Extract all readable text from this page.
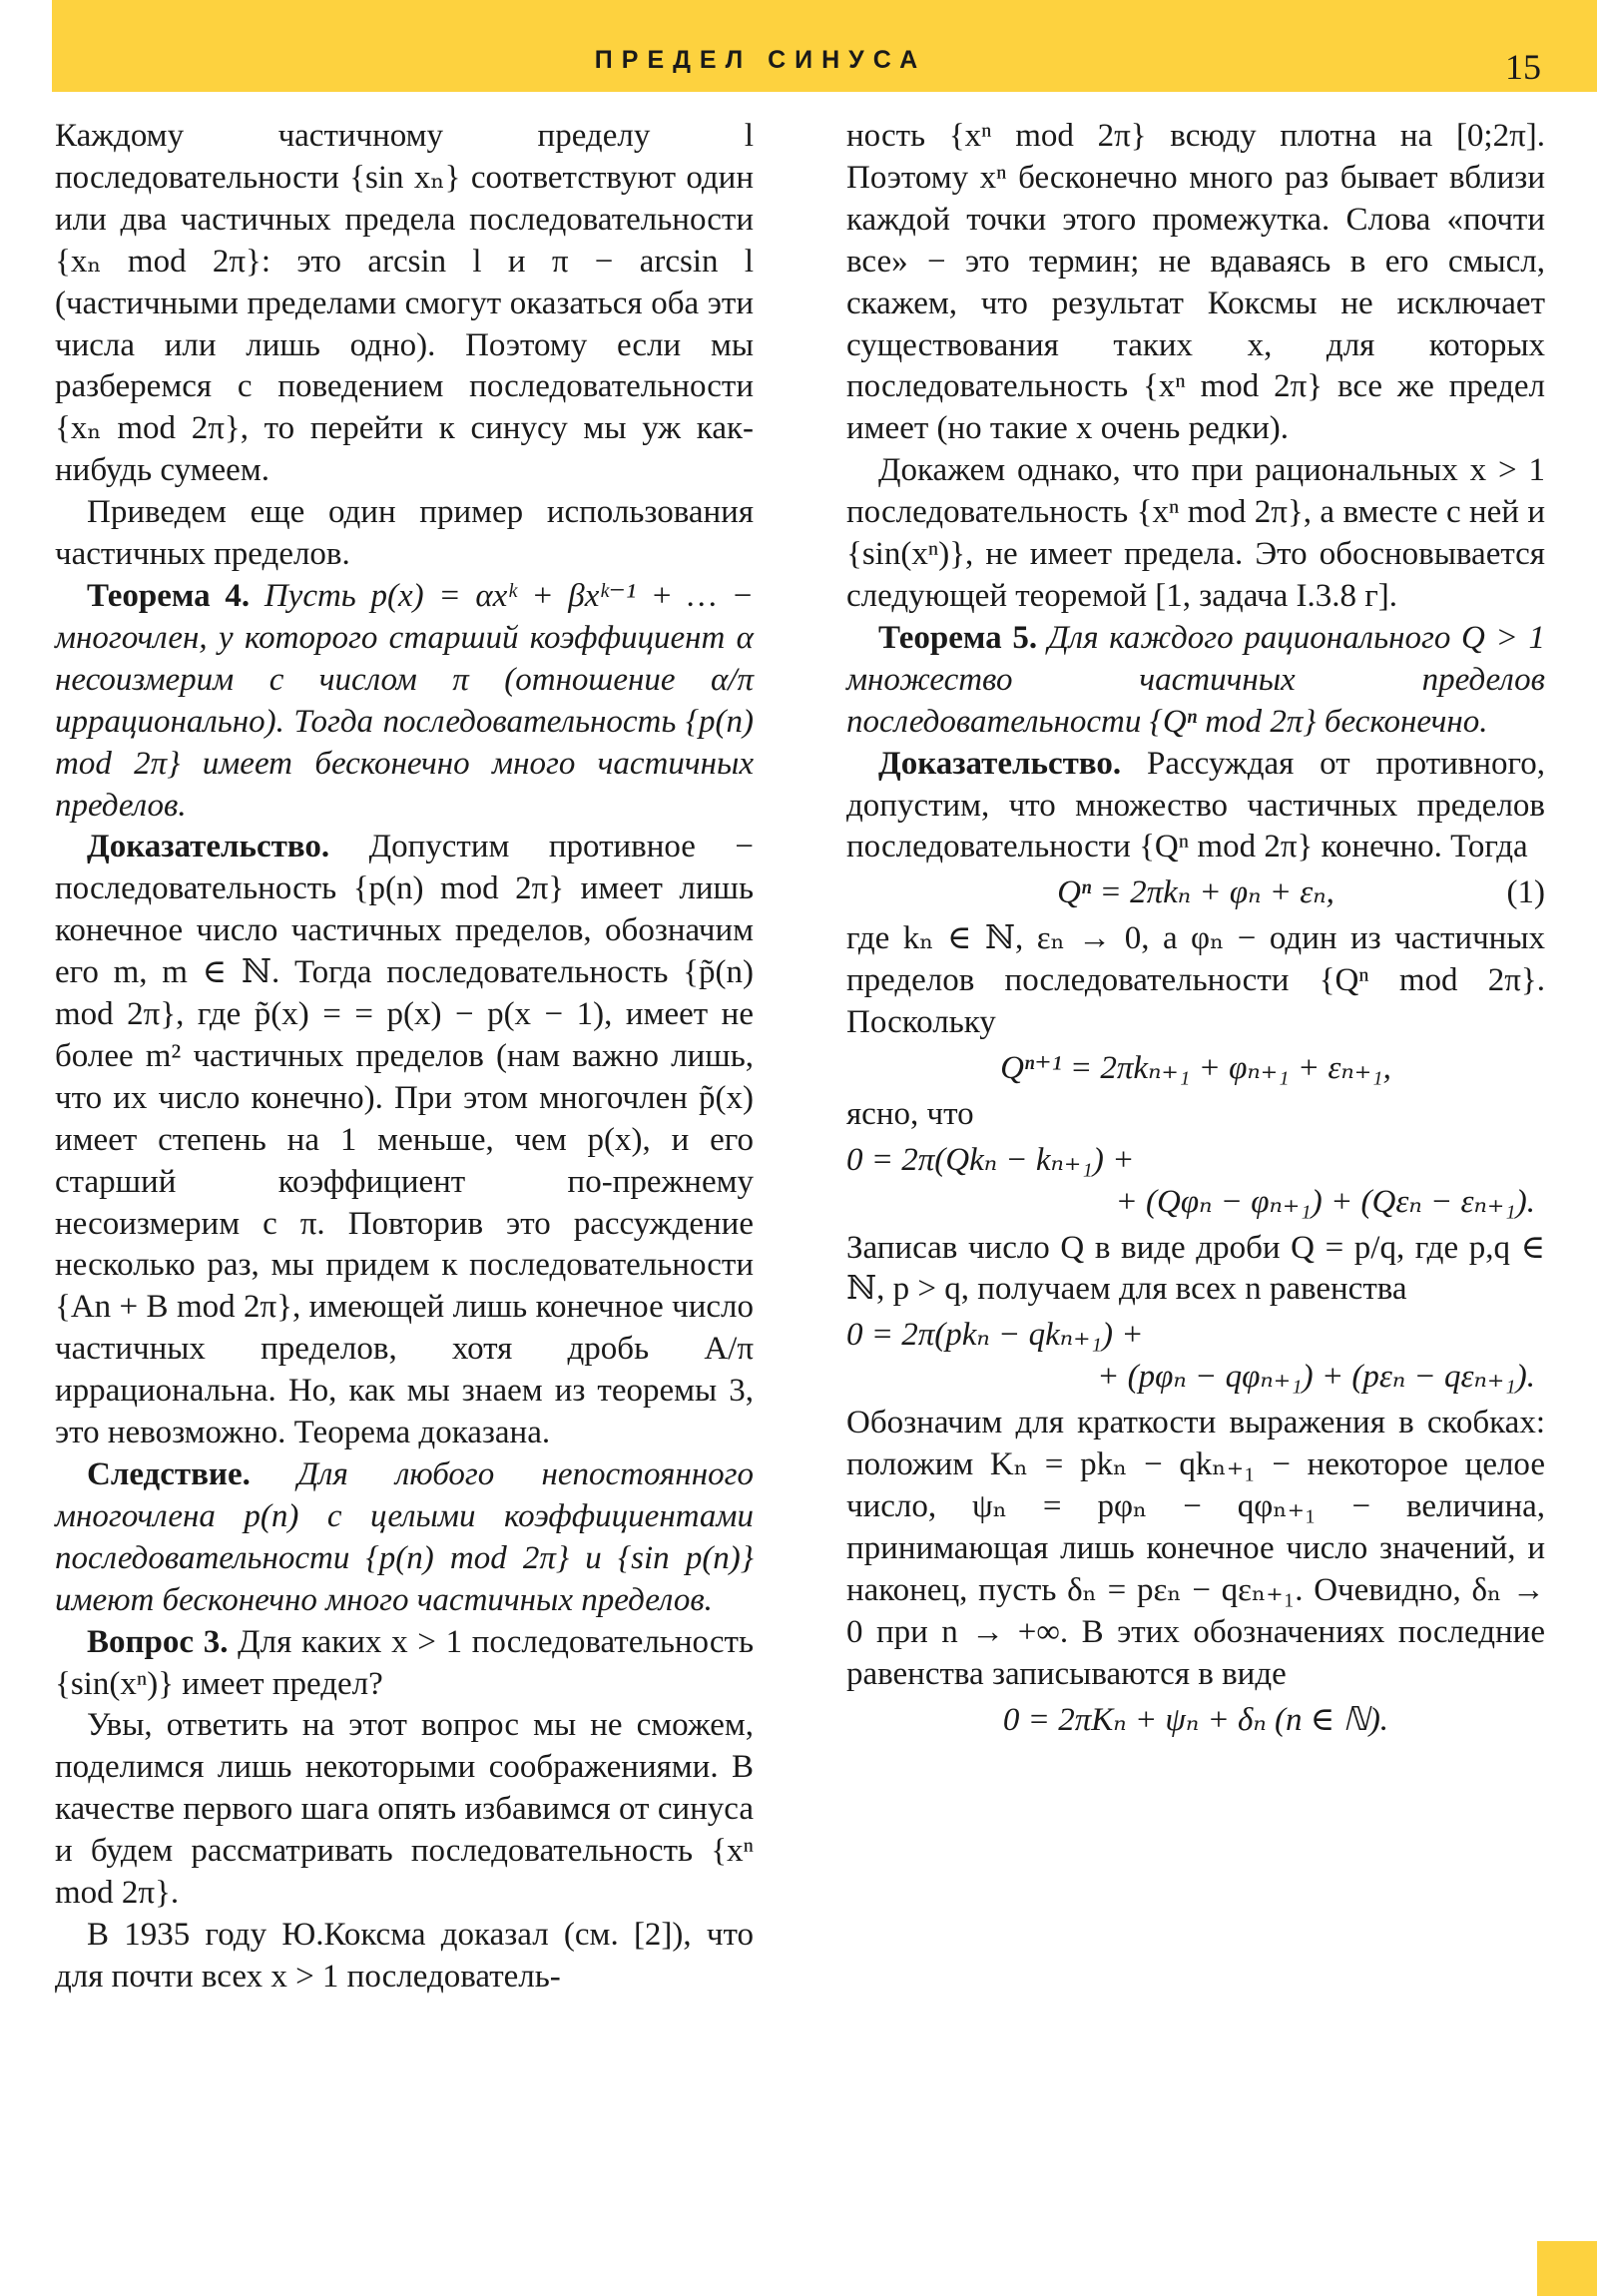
ПРЕДЕЛ СИНУСА	15

Каждому частичному пределу l последовательности {sin xₙ} соответствуют один или два частичных предела последовательности {xₙ mod 2π}: это arcsin l и π − arcsin l (частичными пределами смогут оказаться оба эти числа или лишь одно). Поэтому если мы разберемся с поведением последовательности {xₙ mod 2π}, то перейти к синусу мы уж как-нибудь сумеем.

Приведем еще один пример использования частичных пределов.

Теорема 4. Пусть p(x) = αxᵏ + βxᵏ⁻¹ + … − многочлен, у которого старший коэффициент α несоизмерим с числом π (отношение α/π иррационально). Тогда последовательность {p(n) mod 2π} имеет бесконечно много частичных пределов.

Доказательство. Допустим противное − последовательность {p(n) mod 2π} имеет лишь конечное число частичных пределов, обозначим его m, m ∈ ℕ. Тогда последовательность {p̃(n) mod 2π}, где p̃(x) = = p(x) − p(x − 1), имеет не более m² частичных пределов (нам важно лишь, что их число конечно). При этом многочлен p̃(x) имеет степень на 1 меньше, чем p(x), и его старший коэффициент по-прежнему несоизмерим с π. Повторив это рассуждение несколько раз, мы придем к последовательности {An + B mod 2π}, имеющей лишь конечное число частичных пределов, хотя дробь A/π иррациональна. Но, как мы знаем из теоремы 3, это невозможно. Теорема доказана.

Следствие. Для любого непостоянного многочлена p(n) с целыми коэффициентами последовательности {p(n) mod 2π} и {sin p(n)} имеют бесконечно много частичных пределов.

Вопрос 3. Для каких x > 1 последовательность {sin(xⁿ)} имеет предел?

Увы, ответить на этот вопрос мы не сможем, поделимся лишь некоторыми соображениями. В качестве первого шага опять избавимся от синуса и будем рассматривать последовательность {xⁿ mod 2π}.

В 1935 году Ю.Коксма доказал (см. [2]), что для почти всех x > 1 последователь-

ность {xⁿ mod 2π} всюду плотна на [0;2π]. Поэтому xⁿ бесконечно много раз бывает вблизи каждой точки этого промежутка. Слова «почти все» − это термин; не вдаваясь в его смысл, скажем, что результат Коксмы не исключает существования таких x, для которых последовательность {xⁿ mod 2π} все же предел имеет (но такие x очень редки).

Докажем однако, что при рациональных x > 1 последовательность {xⁿ mod 2π}, а вместе с ней и {sin(xⁿ)}, не имеет предела. Это обосновывается следующей теоремой [1, задача I.3.8 г].

Теорема 5. Для каждого рационального Q > 1 множество частичных пределов последовательности {Qⁿ mod 2π} бесконечно.

Доказательство. Рассуждая от противного, допустим, что множество частичных пределов последовательности {Qⁿ mod 2π} конечно. Тогда

Qⁿ = 2πkₙ + φₙ + εₙ,	(1)

где kₙ ∈ ℕ, εₙ → 0, а φₙ − один из частичных пределов последовательности {Qⁿ mod 2π}. Поскольку

Qⁿ⁺¹ = 2πkₙ₊₁ + φₙ₊₁ + εₙ₊₁,

ясно, что

0 = 2π(Qkₙ − kₙ₊₁) +

+ (Qφₙ − φₙ₊₁) + (Qεₙ − εₙ₊₁).

Записав число Q в виде дроби Q = p/q, где p,q ∈ ℕ, p > q, получаем для всех n равенства

0 = 2π(pkₙ − qkₙ₊₁) +

+ (pφₙ − qφₙ₊₁) + (pεₙ − qεₙ₊₁).

Обозначим для краткости выражения в скобках: положим Kₙ = pkₙ − qkₙ₊₁ − некоторое целое число, ψₙ = pφₙ − qφₙ₊₁ − величина, принимающая лишь конечное число значений, и наконец, пусть δₙ = pεₙ − qεₙ₊₁. Очевидно, δₙ → 0 при n → +∞. В этих обозначениях последние равенства записываются в виде

0 = 2πKₙ + ψₙ + δₙ (n ∈ ℕ).
